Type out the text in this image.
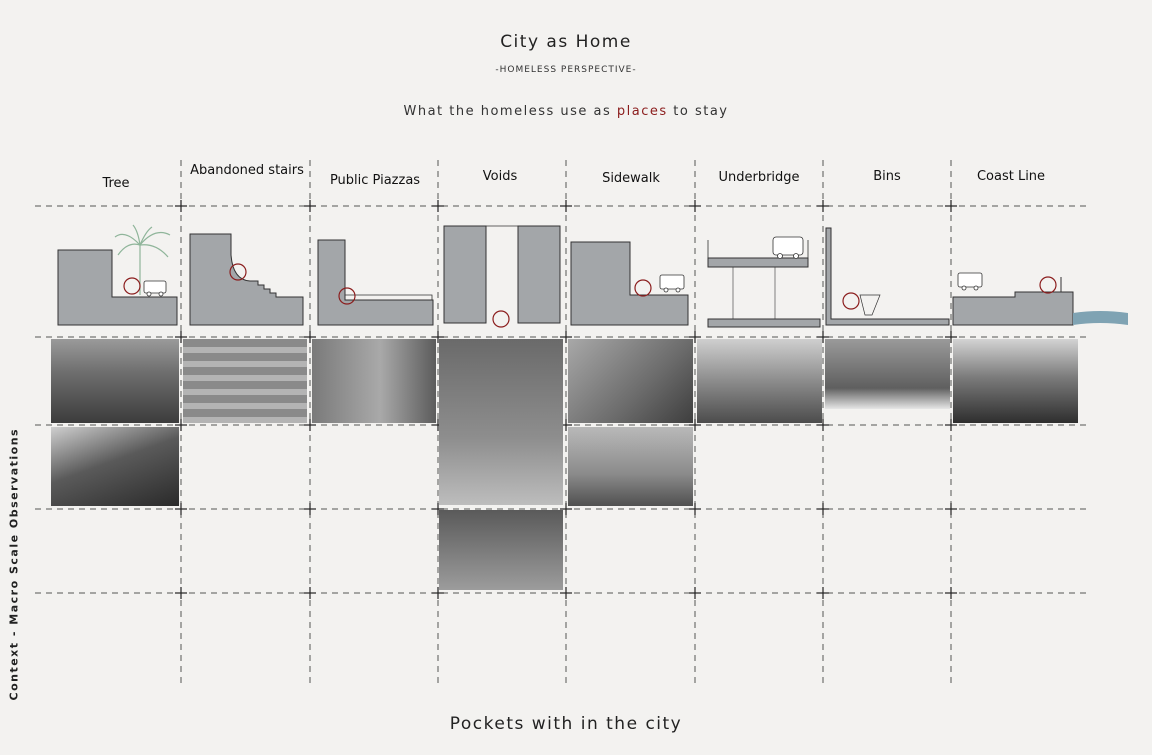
City as Home
-HOMELESS PERSPECTIVE-
What the homeless use as places to stay
Tree
Abandoned stairs
Public Piazzas	Voids	Sidewalk	Underbridge	Bins	Coast Line
Context - Macro Scale Observations
Pockets with in the city
